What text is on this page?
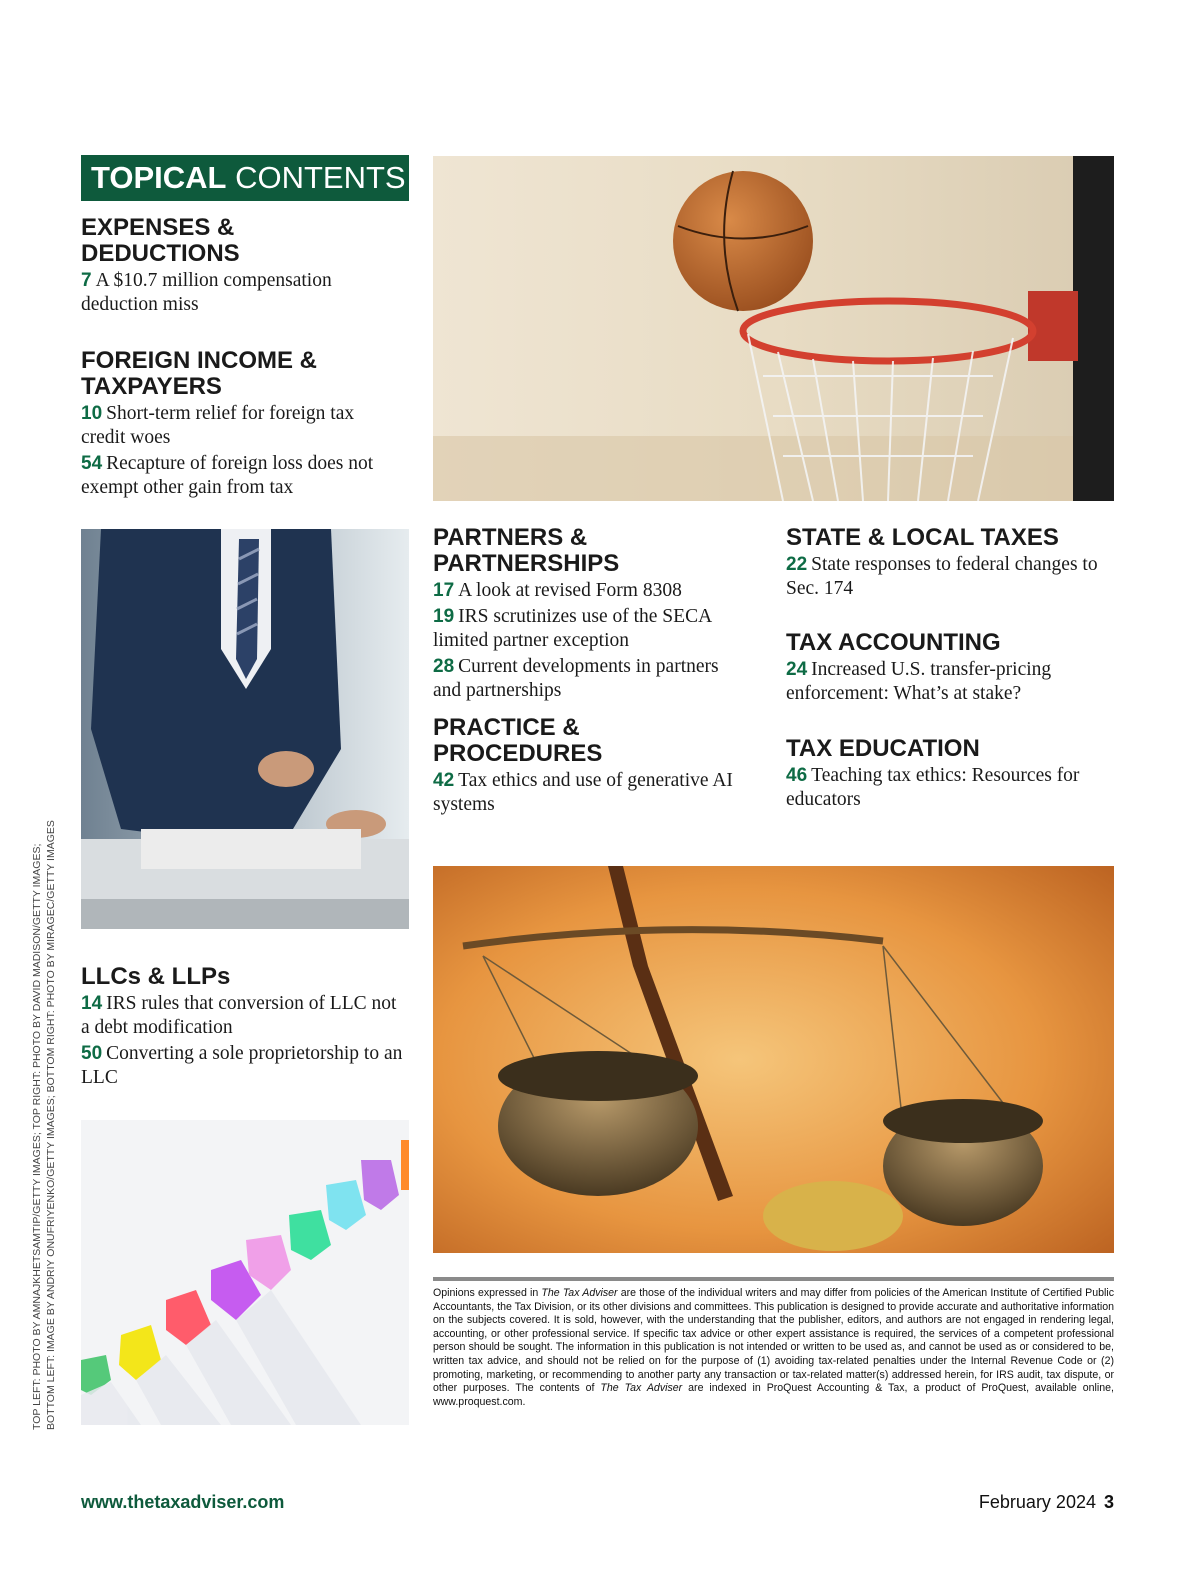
TOPICAL CONTENTS
EXPENSES & DEDUCTIONS
7 A $10.7 million compensation deduction miss
FOREIGN INCOME & TAXPAYERS
10 Short-term relief for foreign tax credit woes
54 Recapture of foreign loss does not exempt other gain from tax
LLCs & LLPs
14 IRS rules that conversion of LLC not a debt modification
50 Converting a sole proprietorship to an LLC
PARTNERS & PARTNERSHIPS
17 A look at revised Form 8308
19 IRS scrutinizes use of the SECA limited partner exception
28 Current developments in partners and partnerships
PRACTICE & PROCEDURES
42 Tax ethics and use of generative AI systems
STATE & LOCAL TAXES
22 State responses to federal changes to Sec. 174
TAX ACCOUNTING
24 Increased U.S. transfer-pricing enforcement: What’s at stake?
TAX EDUCATION
46 Teaching tax ethics: Resources for educators
TOP LEFT: PHOTO BY AMNAJKHETSAMTIP/GETTY IMAGES; TOP RIGHT: PHOTO BY DAVID MADISON/GETTY IMAGES; BOTTOM LEFT: IMAGE BY ANDRIY ONUFRIYENKO/GETTY IMAGES; BOTTOM RIGHT: PHOTO BY MIRAGEC/GETTY IMAGES	Opinions expressed in The Tax Adviser are those of the individual writers and may differ from policies of the American Institute of Certified Public Accountants, the Tax Division, or its other divisions and committees. This publication is designed to provide accurate and authoritative information on the subjects covered. It is sold, however, with the understanding that the publisher, editors, and authors are not engaged in rendering legal, accounting, or other professional service. If specific tax advice or other expert assistance is required, the services of a competent professional person should be sought. The information in this publication is not intended or written to be used as, and cannot be used as or considered to be, written tax advice, and should not be relied on for the purpose of (1) avoiding tax-related penalties under the Internal Revenue Code or (2) promoting, marketing, or recommending to another party any transaction or tax-related matter(s) addressed herein, for IRS audit, tax dispute, or other purposes. The contents of The Tax Adviser are indexed in ProQuest Accounting & Tax, a product of ProQuest, available online, www.proquest.com.
www.thetaxadviser.com	February 2024 3
